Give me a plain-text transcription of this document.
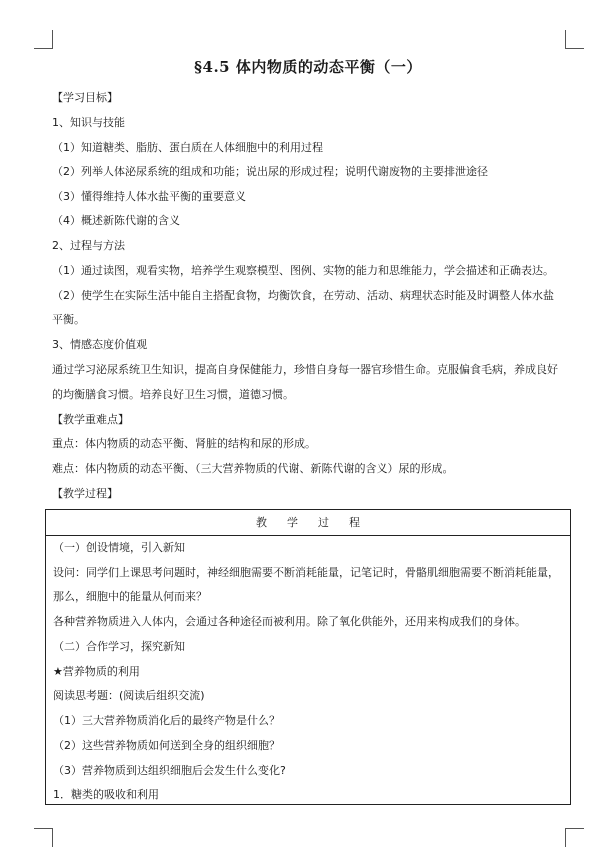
§4.5 体内物质的动态平衡（一）
【学习目标】
1、知识与技能
（1）知道糖类、脂肪、蛋白质在人体细胞中的利用过程
（2）列举人体泌尿系统的组成和功能；说出尿的形成过程；说明代谢废物的主要排泄途径
（3）懂得维持人体水盐平衡的重要意义
（4）概述新陈代谢的含义
2、过程与方法
（1）通过读图，观看实物，培养学生观察模型、图例、实物的能力和思维能力，学会描述和正确表达。
（2）使学生在实际生活中能自主搭配食物，均衡饮食，在劳动、活动、病理状态时能及时调整人体水盐
平衡。
3、情感态度价值观
通过学习泌尿系统卫生知识，提高自身保健能力，珍惜自身每一器官珍惜生命。克服偏食毛病，养成良好
的均衡膳食习惯。培养良好卫生习惯，道德习惯。
【教学重难点】
重点：体内物质的动态平衡、肾脏的结构和尿的形成。
难点：体内物质的动态平衡、（三大营养物质的代谢、新陈代谢的含义）尿的形成。
【教学过程】
教学过程
（一）创设情境，引入新知
设问：同学们上课思考问题时，神经细胞需要不断消耗能量，记笔记时，骨骼肌细胞需要不断消耗能量，
那么，细胞中的能量从何而来？
各种营养物质进入人体内，会通过各种途径而被利用。除了氧化供能外，还用来构成我们的身体。
（二）合作学习，探究新知
★营养物质的利用
阅读思考题：(阅读后组织交流)
（1）三大营养物质消化后的最终产物是什么？
（2）这些营养物质如何送到全身的组织细胞？
（3）营养物质到达组织细胞后会发生什么变化?
1．糖类的吸收和利用
